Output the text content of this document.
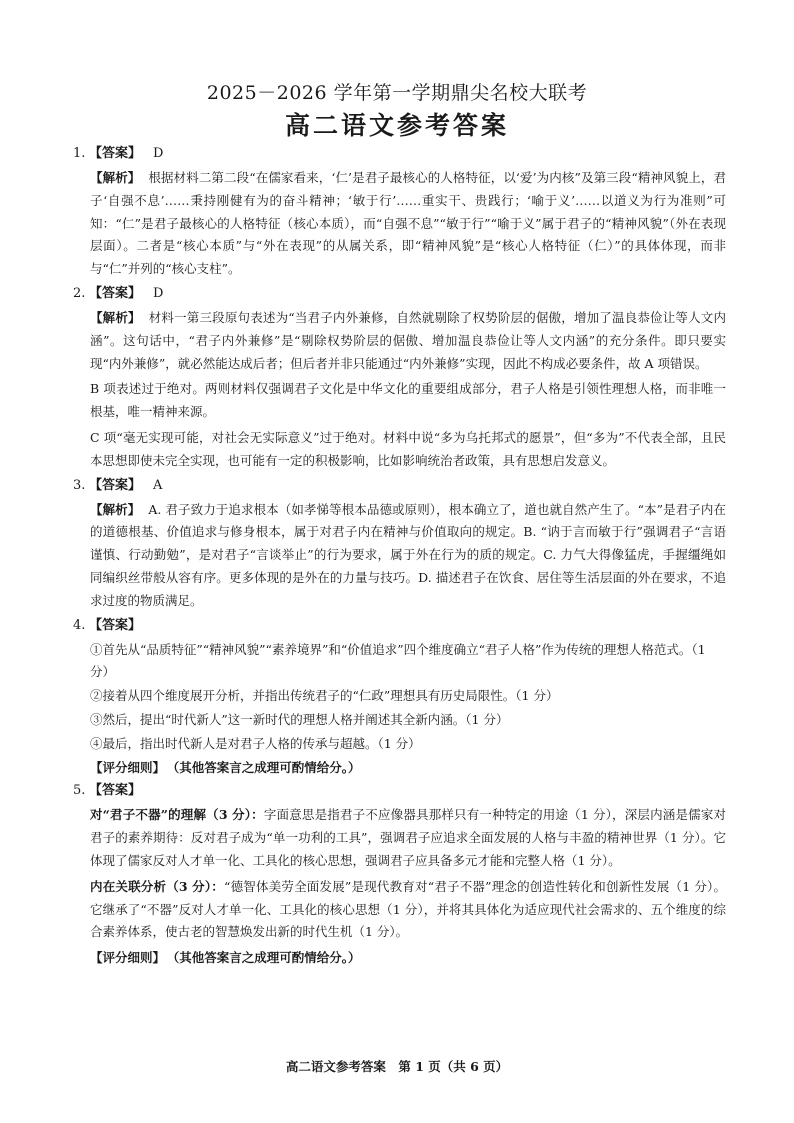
2025－2026 学年第一学期鼎尖名校大联考
高二语文参考答案
1. 【答案】 D
【解析】 根据材料二第二段“在儒家看来，‘仁’是君子最核心的人格特征，以‘爱’为内核”及第三段“精神风貌上，君子‘自强不息’……秉持刚健有为的奋斗精神；‘敏于行’……重实干、贵践行；‘喻于义’……以道义为行为准则”可知：“仁”是君子最核心的人格特征（核心本质），而“自强不息”“敏于行”“喻于义”属于君子的“精神风貌”（外在表现层面）。二者是“核心本质”与“外在表现”的从属关系，即“精神风貌”是“核心人格特征（仁）”的具体体现，而非与“仁”并列的“核心支柱”。
2. 【答案】 D
【解析】 材料一第三段原句表述为“当君子内外兼修，自然就剔除了权势阶层的倨傲，增加了温良恭俭让等人文内涵”。这句话中，“君子内外兼修”是“剔除权势阶层的倨傲、增加温良恭俭让等人文内涵”的充分条件。即只要实现“内外兼修”，就必然能达成后者；但后者并非只能通过“内外兼修”实现，因此不构成必要条件，故 A 项错误。
B 项表述过于绝对。两则材料仅强调君子文化是中华文化的重要组成部分，君子人格是引领性理想人格，而非唯一根基，唯一精神来源。
C 项“毫无实现可能，对社会无实际意义”过于绝对。材料中说“多为乌托邦式的愿景”，但“多为”不代表全部，且民本思想即使未完全实现，也可能有一定的积极影响，比如影响统治者政策，具有思想启发意义。
3. 【答案】 A
【解析】 A. 君子致力于追求根本（如孝悌等根本品德或原则），根本确立了，道也就自然产生了。“本”是君子内在的道德根基、价值追求与修身根本，属于对君子内在精神与价值取向的规定。B. “讷于言而敏于行”强调君子“言语谨慎、行动勤勉”，是对君子“言谈举止”的行为要求，属于外在行为的质的规定。C. 力气大得像猛虎，手握缰绳如同编织丝带般从容有序。更多体现的是外在的力量与技巧。D. 描述君子在饮食、居住等生活层面的外在要求，不追求过度的物质满足。
4. 【答案】
①首先从“品质特征”“精神风貌”“素养境界”和“价值追求”四个维度确立“君子人格”作为传统的理想人格范式。（1 分）
②接着从四个维度展开分析，并指出传统君子的“仁政”理想具有历史局限性。（1 分）
③然后，提出“时代新人”这一新时代的理想人格并阐述其全新内涵。（1 分）
④最后，指出时代新人是对君子人格的传承与超越。（1 分）
【评分细则】 （其他答案言之成理可酌情给分。）
5. 【答案】
对“君子不器”的理解（3 分）：字面意思是指君子不应像器具那样只有一种特定的用途（1 分），深层内涵是儒家对君子的素养期待：反对君子成为“单一功利的工具”，强调君子应追求全面发展的人格与丰盈的精神世界（1 分）。它体现了儒家反对人才单一化、工具化的核心思想，强调君子应具备多元才能和完整人格（1 分）。
内在关联分析（3 分）：“德智体美劳全面发展”是现代教育对“君子不器”理念的创造性转化和创新性发展（1 分）。它继承了“不器”反对人才单一化、工具化的核心思想（1 分），并将其具体化为适应现代社会需求的、五个维度的综合素养体系，使古老的智慧焕发出新的时代生机（1 分）。
【评分细则】 （其他答案言之成理可酌情给分。）
高二语文参考答案　第 1 页（共 6 页）
